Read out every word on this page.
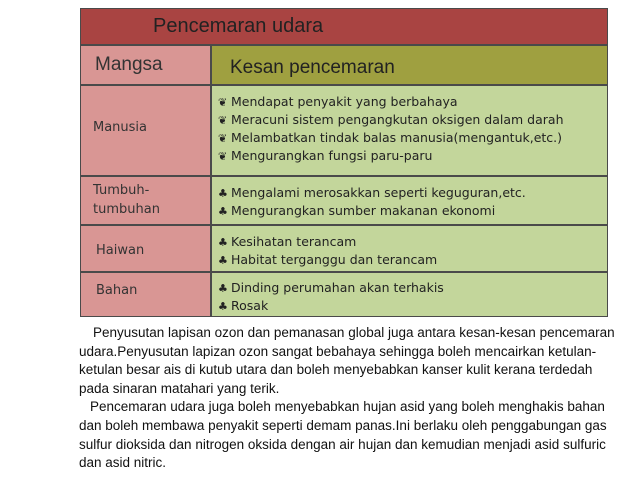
Pencemaran udara
Mangsa	Kesan pencemaran
Manusia
❦ Mendapat penyakit yang berbahaya
❦ Meracuni sistem pengangkutan oksigen dalam darah
❦ Melambatkan tindak balas manusia(mengantuk,etc.)
❦ Mengurangkan fungsi paru-paru
Tumbuh-
tumbuhan
♣ Mengalami merosakkan seperti keguguran,etc.
♣ Mengurangkan sumber makanan ekonomi
Haiwan
♣ Kesihatan terancam
♣ Habitat terganggu dan terancam
Bahan	♣ Dinding perumahan akan terhakis
♣ Rosak

Penyusutan lapisan ozon dan pemanasan global juga antara kesan-kesan pencemaran udara.Penyusutan lapizan ozon sangat bebahaya sehingga boleh mencairkan ketulan-ketulan besar ais di kutub utara dan boleh menyebabkan kanser kulit kerana terdedah pada sinaran matahari yang terik.

Pencemaran udara juga boleh menyebabkan hujan asid yang boleh menghakis bahan dan boleh membawa penyakit seperti demam panas.Ini berlaku oleh penggabungan gas sulfur dioksida dan nitrogen oksida dengan air hujan dan kemudian menjadi asid sulfuric dan asid nitric.
